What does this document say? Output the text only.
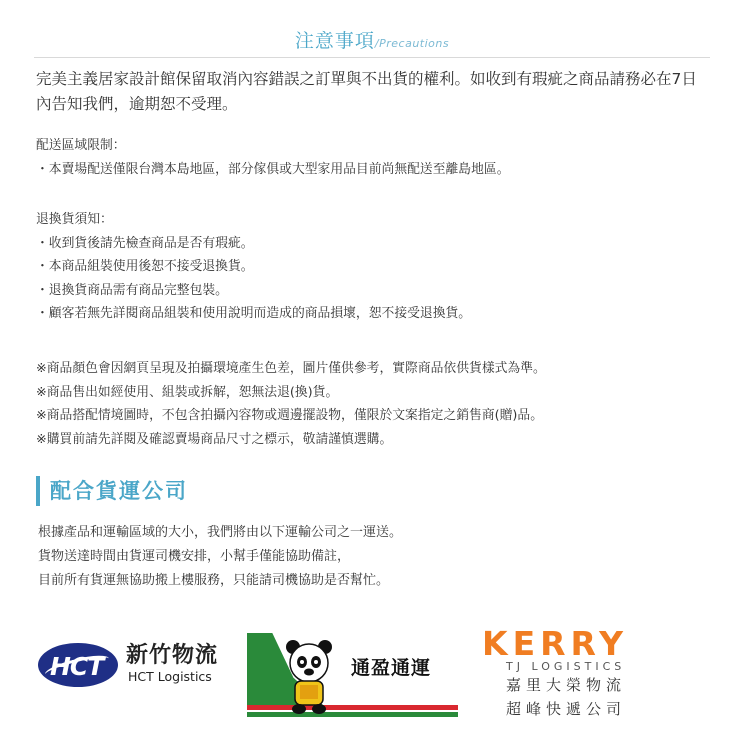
注意事項/Precautions
完美主義居家設計館保留取消內容錯誤之訂單與不出貨的權利。如收到有瑕疵之商品請務必在7日內告知我們，逾期恕不受理。
配送區域限制：
・本賣場配送僅限台灣本島地區，部分傢俱或大型家用品目前尚無配送至離島地區。
退換貨須知：
・收到貨後請先檢查商品是否有瑕疵。
・本商品組裝使用後恕不接受退換貨。
・退換貨商品需有商品完整包裝。
・顧客若無先詳閱商品組裝和使用說明而造成的商品損壞，恕不接受退換貨。
※商品顏色會因網頁呈現及拍攝環境產生色差，圖片僅供參考，實際商品依供貨樣式為準。
※商品售出如經使用、組裝或拆解，恕無法退(換)貨。
※商品搭配情境圖時，不包含拍攝內容物或週邊擺設物，僅限於文案指定之銷售商(贈)品。
※購買前請先詳閱及確認賣場商品尺寸之標示，敬請謹慎選購。
配合貨運公司
根據產品和運輸區域的大小，我們將由以下運輸公司之一運送。
貨物送達時間由貨運司機安排，小幫手僅能協助備註，
目前所有貨運無協助搬上樓服務，只能請司機協助是否幫忙。
HCT 新竹物流
HCT Logistics	通盈通運
KERRY
TJ LOGISTICS
嘉里大榮物流
超峰快遞公司
